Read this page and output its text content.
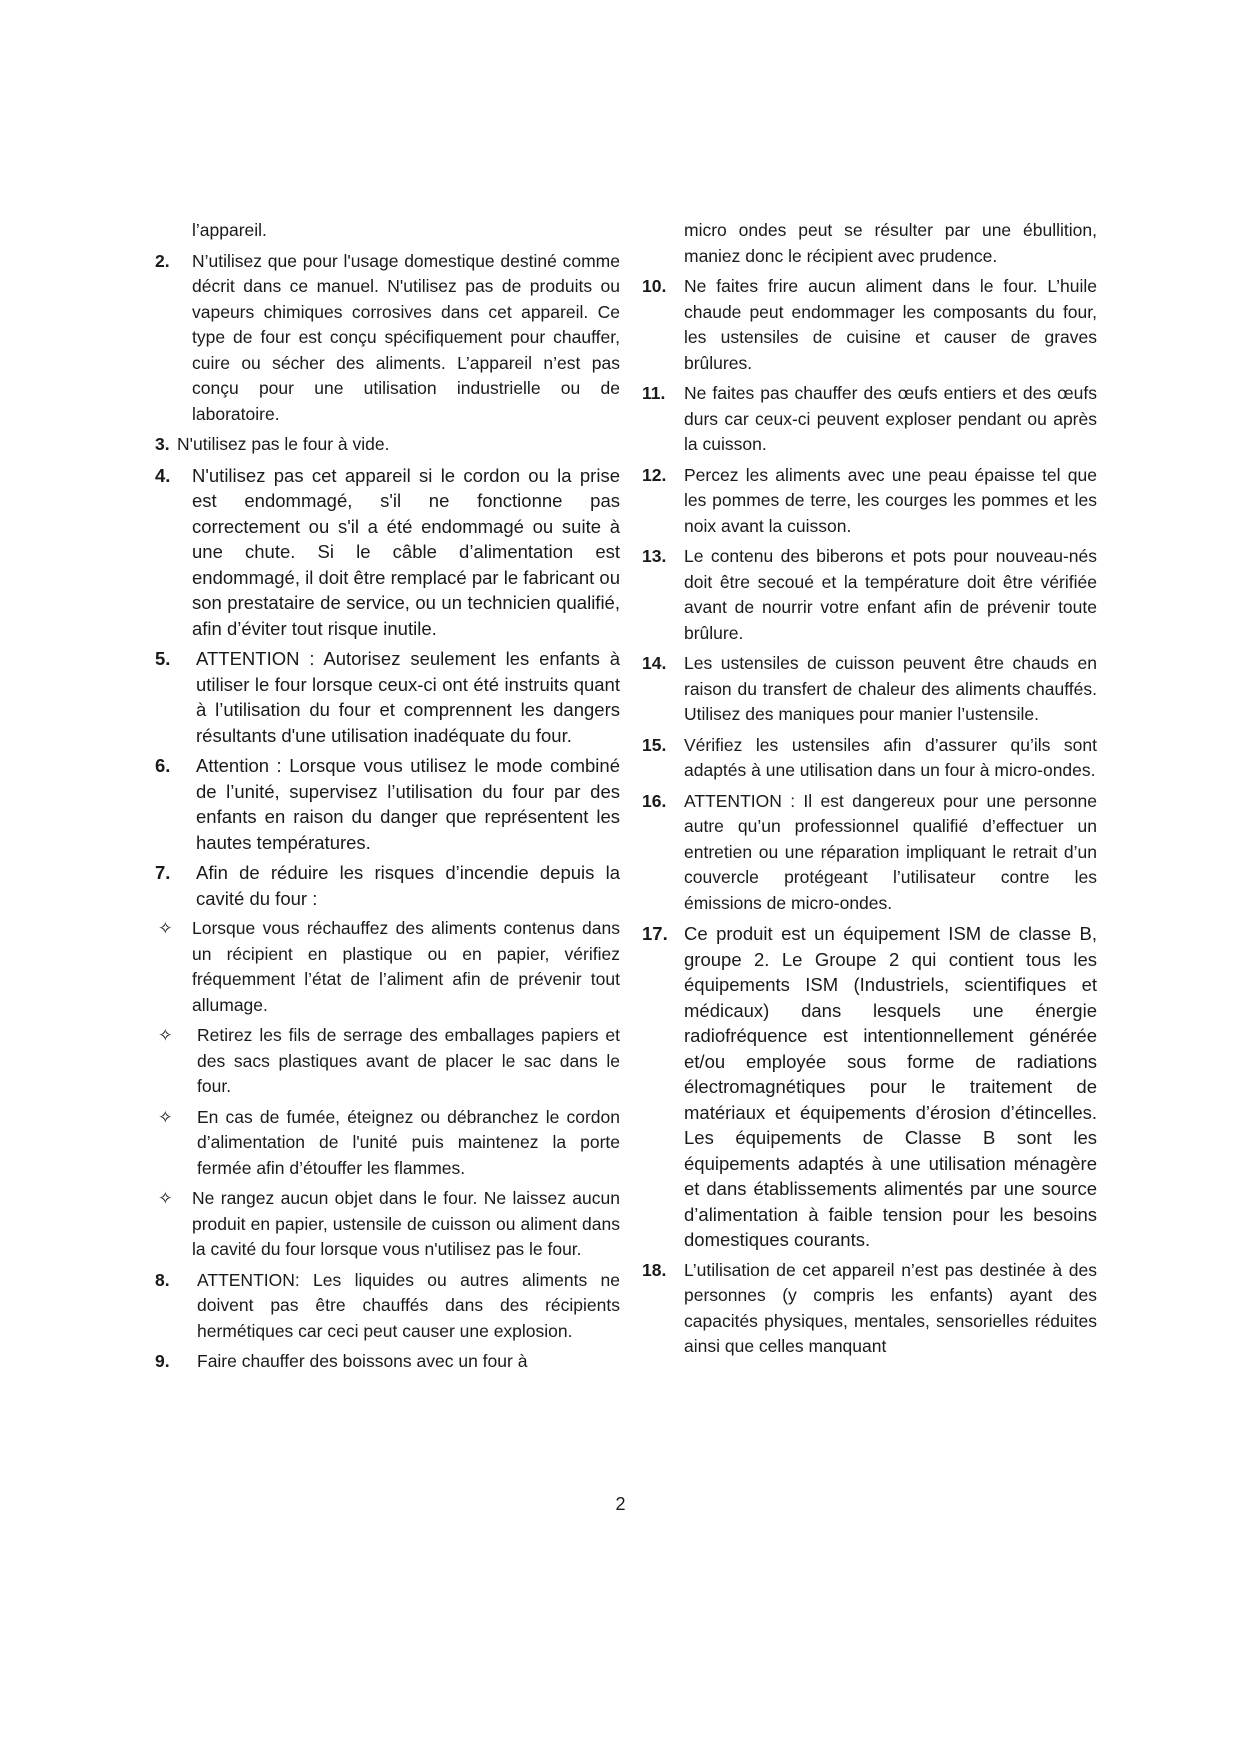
l’appareil.

2. N’utilisez que pour l'usage domestique destiné comme décrit dans ce manuel. N'utilisez pas de produits ou vapeurs chimiques corrosives dans cet appareil. Ce type de four est conçu spécifiquement pour chauffer, cuire ou sécher des aliments. L’appareil n’est pas conçu pour une utilisation industrielle ou de laboratoire.

3. N'utilisez pas le four à vide.

4. N'utilisez pas cet appareil si le cordon ou la prise est endommagé, s'il ne fonctionne pas correctement ou s'il a été endommagé ou suite à une chute. Si le câble d’alimentation est endommagé, il doit être remplacé par le fabricant ou son prestataire de service, ou un technicien qualifié, afin d’éviter tout risque inutile.

5. ATTENTION : Autorisez seulement les enfants à utiliser le four lorsque ceux-ci ont été instruits quant à l’utilisation du four et comprennent les dangers résultants d'une utilisation inadéquate du four.

6. Attention : Lorsque vous utilisez le mode combiné de l’unité, supervisez l’utilisation du four par des enfants en raison du danger que représentent les hautes températures.

7. Afin de réduire les risques d’incendie depuis la cavité du four :

✧ Lorsque vous réchauffez des aliments contenus dans un récipient en plastique ou en papier, vérifiez fréquemment l’état de l’aliment afin de prévenir tout allumage.

✧ Retirez les fils de serrage des emballages papiers et des sacs plastiques avant de placer le sac dans le four.

✧ En cas de fumée, éteignez ou débranchez le cordon d’alimentation de l'unité puis maintenez la porte fermée afin d’étouffer les flammes.

✧ Ne rangez aucun objet dans le four. Ne laissez aucun produit en papier, ustensile de cuisson ou aliment dans la cavité du four lorsque vous n'utilisez pas le four.

8. ATTENTION: Les liquides ou autres aliments ne doivent pas être chauffés dans des récipients hermétiques car ceci peut causer une explosion.

9. Faire chauffer des boissons avec un four à

micro ondes peut se résulter par une ébullition, maniez donc le récipient avec prudence.

10. Ne faites frire aucun aliment dans le four. L’huile chaude peut endommager les composants du four, les ustensiles de cuisine et causer de graves brûlures.

11. Ne faites pas chauffer des œufs entiers et des œufs durs car ceux-ci peuvent exploser pendant ou après la cuisson.

12. Percez les aliments avec une peau épaisse tel que les pommes de terre, les courges les pommes et les noix avant la cuisson.

13. Le contenu des biberons et pots pour nouveau-nés doit être secoué et la température doit être vérifiée avant de nourrir votre enfant afin de prévenir toute brûlure.

14. Les ustensiles de cuisson peuvent être chauds en raison du transfert de chaleur des aliments chauffés. Utilisez des maniques pour manier l’ustensile.

15. Vérifiez les ustensiles afin d’assurer qu’ils sont adaptés à une utilisation dans un four à micro-ondes.

16. ATTENTION : Il est dangereux pour une personne autre qu’un professionnel qualifié d’effectuer un entretien ou une réparation impliquant le retrait d’un couvercle protégeant l’utilisateur contre les émissions de micro-ondes.

17. Ce produit est un équipement ISM de classe B, groupe 2. Le Groupe 2 qui contient tous les équipements ISM (Industriels, scientifiques et médicaux) dans lesquels une énergie radiofréquence est intentionnellement générée et/ou employée sous forme de radiations électromagnétiques pour le traitement de matériaux et équipements d’érosion d’étincelles. Les équipements de Classe B sont les équipements adaptés à une utilisation ménagère et dans établissements alimentés par une source d’alimentation à faible tension pour les besoins domestiques courants.

18. L’utilisation de cet appareil n’est pas destinée à des personnes (y compris les enfants) ayant des capacités physiques, mentales, sensorielles réduites ainsi que celles manquant

2
